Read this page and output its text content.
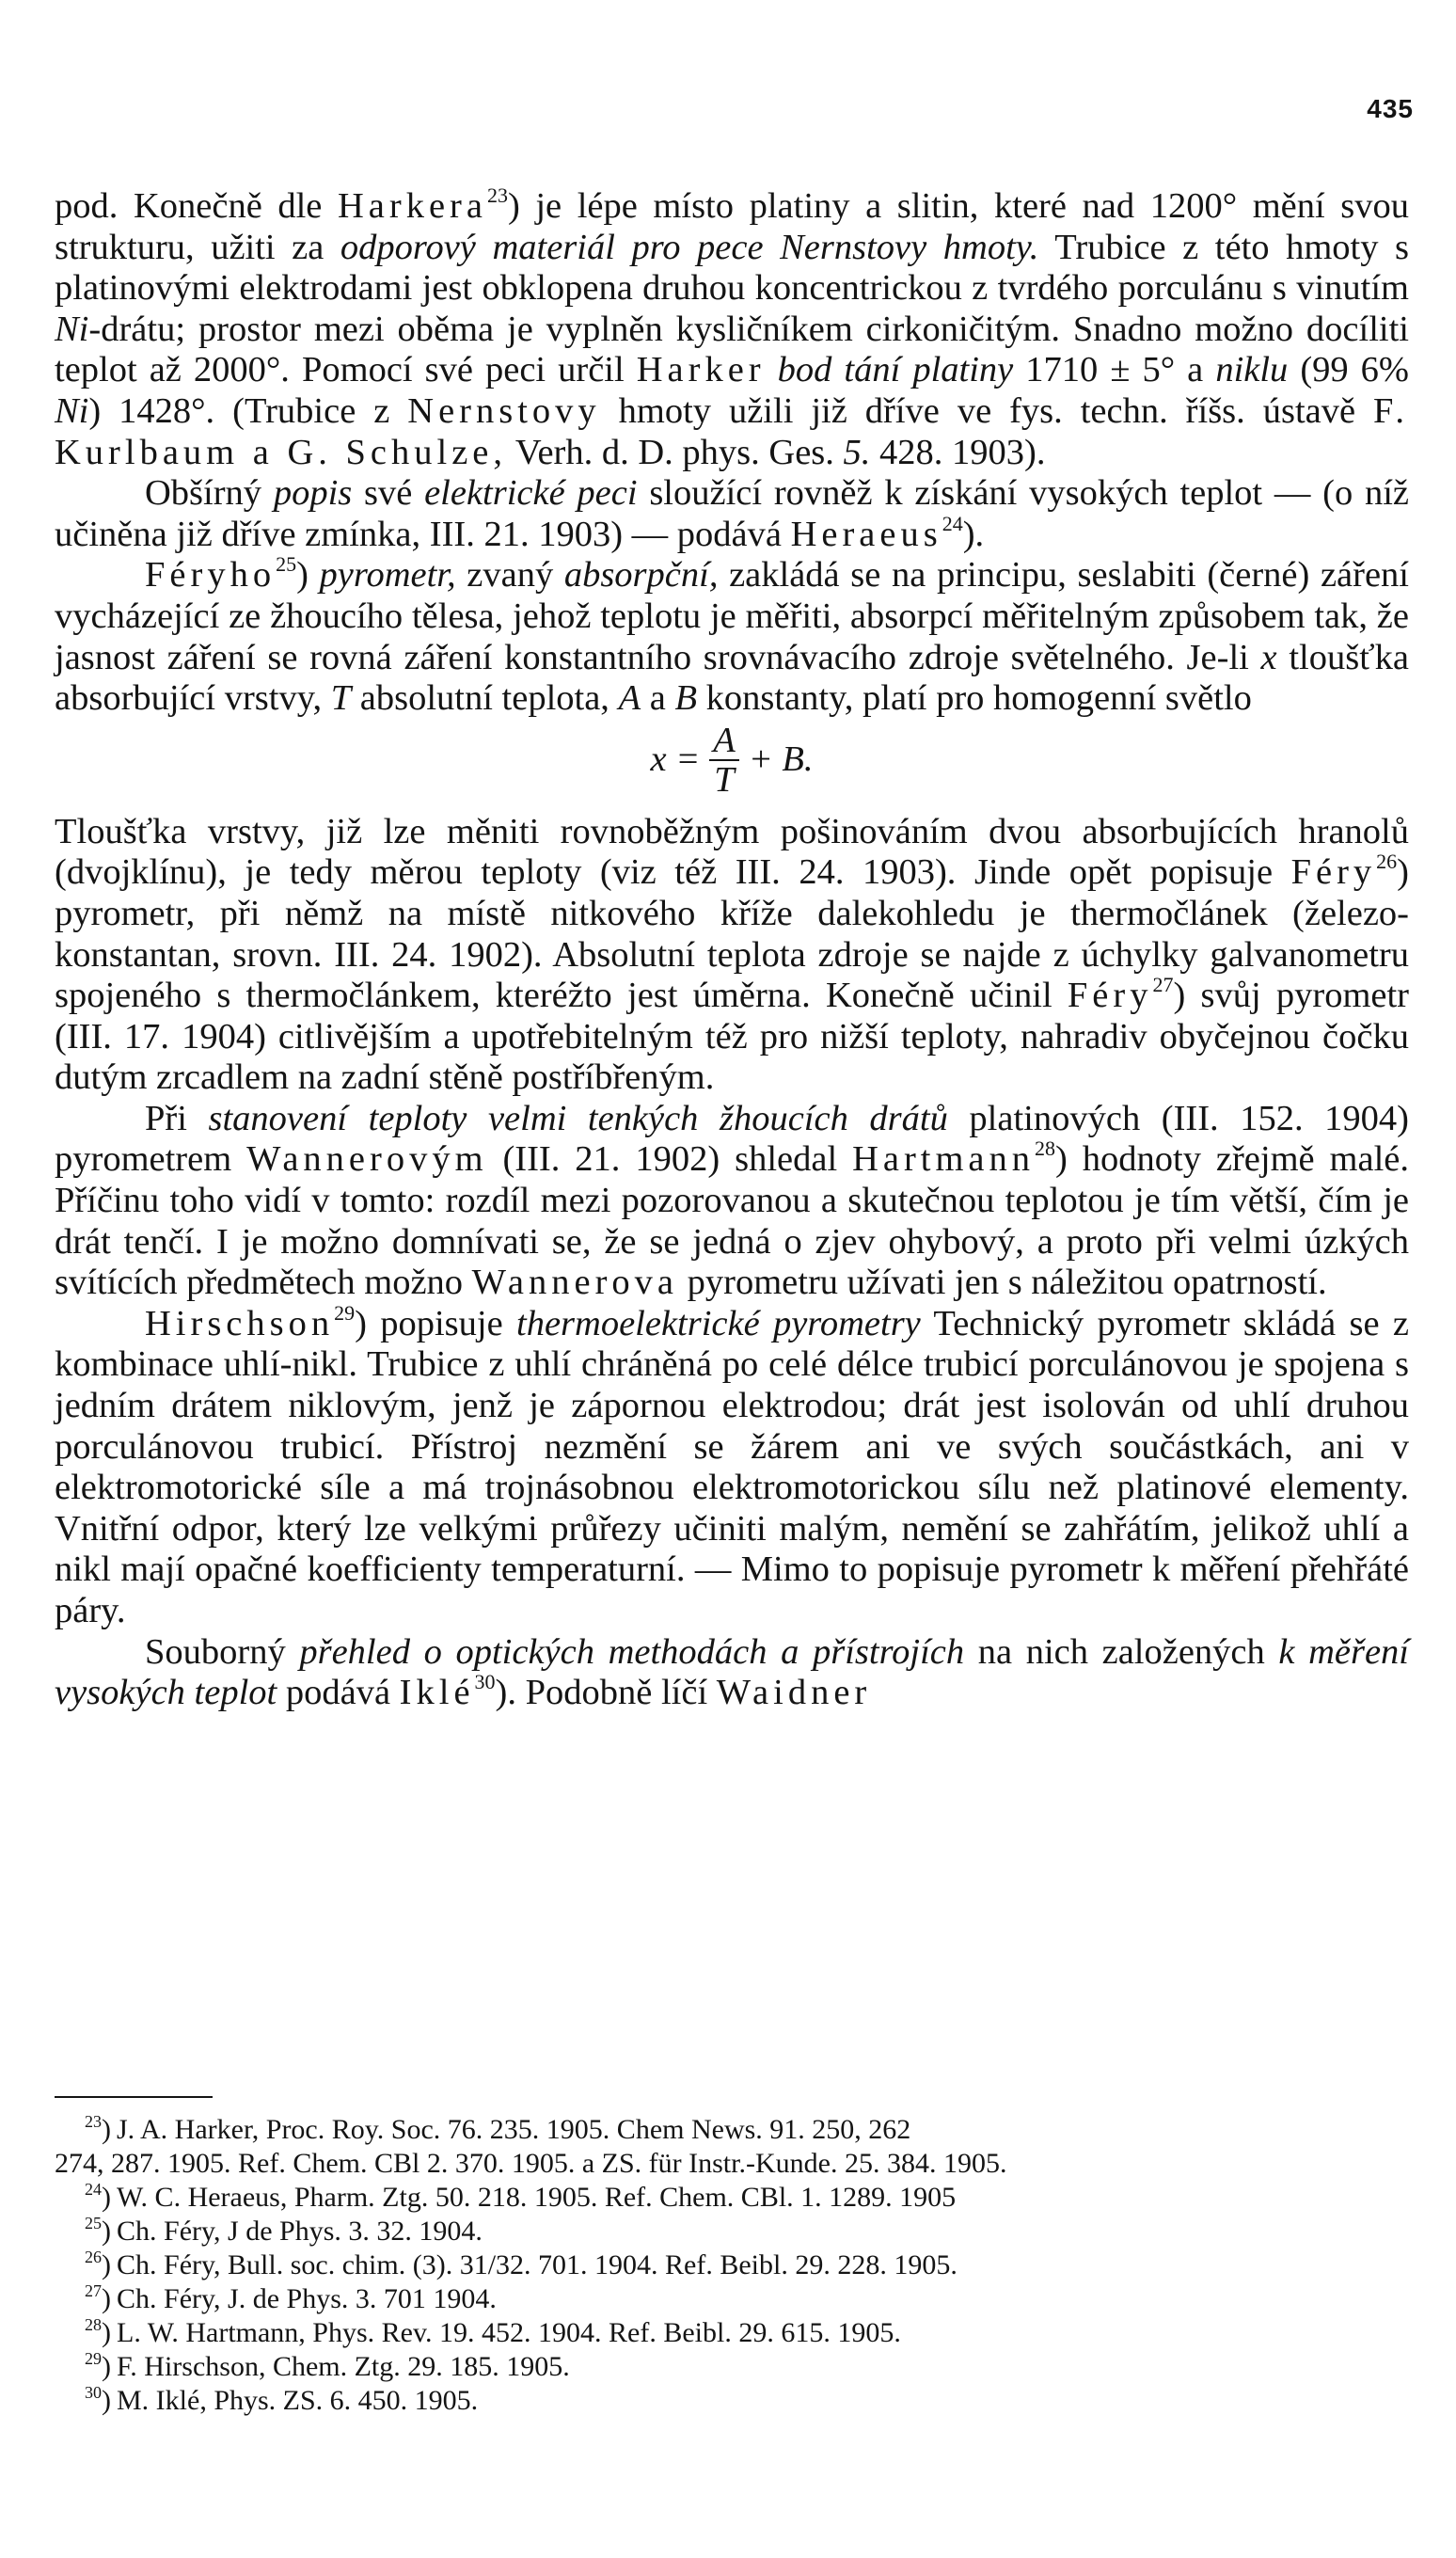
435

pod. Konečně dle Harkera$^{23}$) je lépe místo platiny a slitin, které nad 1200° mění svou strukturu, užiti za odporový materiál pro pece Nernstovy hmoty. Trubice z této hmoty s platinovými elektrodami jest obklopena druhou koncentrickou z tvrdého porculánu s vinutím Ni-drátu; prostor mezi oběma je vyplněn kysličníkem cirkoničitým. Snadno možno docíliti teplot až 2000°. Pomocí své peci určil Harker bod tání platiny 1710 ± 5° a niklu (99 6% Ni) 1428°. (Trubice z Nernstovy hmoty užili již dříve ve fys. techn. říšs. ústavě F. Kurlbaum a G. Schulze, Verh. d. D. phys. Ges. 5. 428. 1903).

Obšírný popis své elektrické peci sloužící rovněž k získání vysokých teplot — (o níž učiněna již dříve zmínka, III. 21. 1903) — podává Heraeus$^{24}$).

Féryho$^{25}$) pyrometr, zvaný absorpční, zakládá se na principu, seslabiti (černé) záření vycházející ze žhoucího tělesa, jehož teplotu je měřiti, absorpcí měřitelným způsobem tak, že jasnost záření se rovná záření konstantního srovnávacího zdroje světelného. Je-li x tloušťka absorbující vrstvy, T absolutní teplota, A a B konstanty, platí pro homogenní světlo

$x = \frac{A}{T} + B$.

Tloušťka vrstvy, již lze měniti rovnoběžným pošinováním dvou absorbujících hranolů (dvojklínu), je tedy měrou teploty (viz též III. 24. 1903). Jinde opět popisuje Féry$^{26}$) pyrometr, při němž na místě nitkového kříže dalekohledu je thermočlánek (železo-konstantan, srovn. III. 24. 1902). Absolutní teplota zdroje se najde z úchylky galvanometru spojeného s thermočlánkem, kteréžto jest úměrna. Konečně učinil Féry$^{27}$) svůj pyrometr (III. 17. 1904) citlivějším a upotřebitelným též pro nižší teploty, nahradiv obyčejnou čočku dutým zrcadlem na zadní stěně postříbřeným.

Při stanovení teploty velmi tenkých žhoucích drátů platinových (III. 152. 1904) pyrometrem Wannerovým (III. 21. 1902) shledal Hartmann$^{28}$) hodnoty zřejmě malé. Příčinu toho vidí v tomto: rozdíl mezi pozorovanou a skutečnou teplotou je tím větší, čím je drát tenčí. I je možno domnívati se, že se jedná o zjev ohybový, a proto při velmi úzkých svítících předmětech možno Wannerova pyrometru užívati jen s náležitou opatrností.

Hirschson$^{29}$) popisuje thermoelektrické pyrometry Technický pyrometr skládá se z kombinace uhlí-nikl. Trubice z uhlí chráněná po celé délce trubicí porculánovou je spojena s jedním drátem niklovým, jenž je zápornou elektrodou; drát jest isolován od uhlí druhou porculánovou trubicí. Přístroj nezmění se žárem ani ve svých součástkách, ani v elektromotorické síle a má trojnásobnou elektromotorickou sílu než platinové elementy. Vnitřní odpor, který lze velkými průřezy učiniti malým, nemění se zahřátím, jelikož uhlí a nikl mají opačné koefficienty temperaturní. — Mimo to popisuje pyrometr k měření přehřáté páry.

Souborný přehled o optických methodách a přístrojích na nich založených k měření vysokých teplot podává Iklé$^{30}$). Podobně líčí Waidner

$^{23}$) J. A. Harker, Proc. Roy. Soc. 76. 235. 1905. Chem News. 91. 250, 262
274, 287. 1905. Ref. Chem. CBl 2. 370. 1905. a ZS. für Instr.-Kunde. 25. 384. 1905.

$^{24}$) W. C. Heraeus, Pharm. Ztg. 50. 218. 1905. Ref. Chem. CBl. 1. 1289. 1905

$^{25}$) Ch. Féry, J de Phys. 3. 32. 1904.

$^{26}$) Ch. Féry, Bull. soc. chim. (3). 31/32. 701. 1904. Ref. Beibl. 29. 228. 1905.

$^{27}$) Ch. Féry, J. de Phys. 3. 701 1904.

$^{28}$) L. W. Hartmann, Phys. Rev. 19. 452. 1904. Ref. Beibl. 29. 615. 1905.

$^{29}$) F. Hirschson, Chem. Ztg. 29. 185. 1905.

$^{30}$) M. Iklé, Phys. ZS. 6. 450. 1905.
